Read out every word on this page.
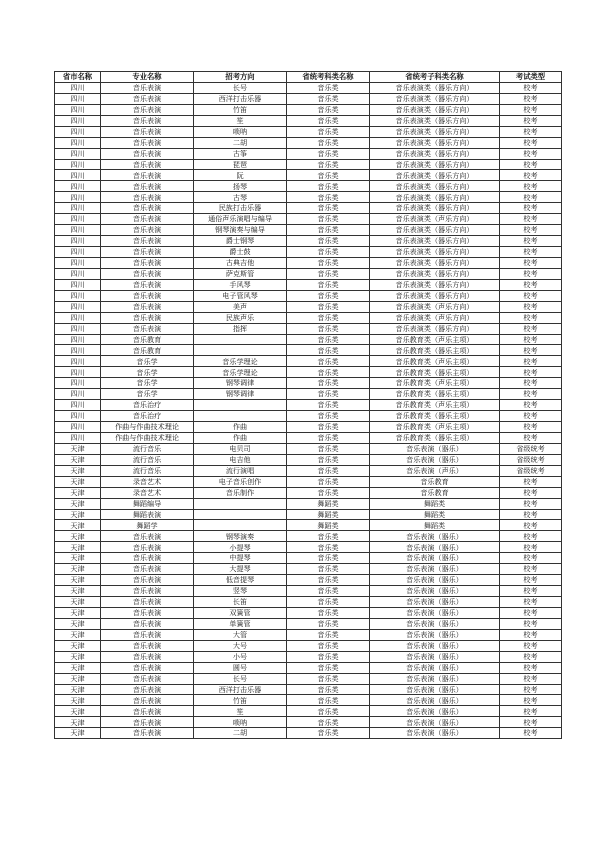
省市名称	专业名称	招考方向	省统考科类名称	省统考子科类名称	考试类型
四川	音乐表演	长号	音乐类	音乐表演类（器乐方向）	校考
四川	音乐表演	西洋打击乐器	音乐类	音乐表演类（器乐方向）	校考
四川	音乐表演	竹笛	音乐类	音乐表演类（器乐方向）	校考
四川	音乐表演	笙	音乐类	音乐表演类（器乐方向）	校考
四川	音乐表演	唢呐	音乐类	音乐表演类（器乐方向）	校考
四川	音乐表演	二胡	音乐类	音乐表演类（器乐方向）	校考
四川	音乐表演	古筝	音乐类	音乐表演类（器乐方向）	校考
四川	音乐表演	琵琶	音乐类	音乐表演类（器乐方向）	校考
四川	音乐表演	阮	音乐类	音乐表演类（器乐方向）	校考
四川	音乐表演	扬琴	音乐类	音乐表演类（器乐方向）	校考
四川	音乐表演	古琴	音乐类	音乐表演类（器乐方向）	校考
四川	音乐表演	民族打击乐器	音乐类	音乐表演类（器乐方向）	校考
四川	音乐表演	通俗声乐演唱与编导	音乐类	音乐表演类（声乐方向）	校考
四川	音乐表演	钢琴演奏与编导	音乐类	音乐表演类（器乐方向）	校考
四川	音乐表演	爵士钢琴	音乐类	音乐表演类（器乐方向）	校考
四川	音乐表演	爵士鼓	音乐类	音乐表演类（器乐方向）	校考
四川	音乐表演	古典吉他	音乐类	音乐表演类（器乐方向）	校考
四川	音乐表演	萨克斯管	音乐类	音乐表演类（器乐方向）	校考
四川	音乐表演	手风琴	音乐类	音乐表演类（器乐方向）	校考
四川	音乐表演	电子管风琴	音乐类	音乐表演类（器乐方向）	校考
四川	音乐表演	美声	音乐类	音乐表演类（声乐方向）	校考
四川	音乐表演	民族声乐	音乐类	音乐表演类（声乐方向）	校考
四川	音乐表演	指挥	音乐类	音乐表演类（器乐方向）	校考
四川	音乐教育		音乐类	音乐教育类（声乐主项）	校考
四川	音乐教育		音乐类	音乐教育类（器乐主项）	校考
四川	音乐学	音乐学理论	音乐类	音乐教育类（声乐主项）	校考
四川	音乐学	音乐学理论	音乐类	音乐教育类（器乐主项）	校考
四川	音乐学	钢琴调律	音乐类	音乐教育类（声乐主项）	校考
四川	音乐学	钢琴调律	音乐类	音乐教育类（器乐主项）	校考
四川	音乐治疗		音乐类	音乐教育类（声乐主项）	校考
四川	音乐治疗		音乐类	音乐教育类（器乐主项）	校考
四川	作曲与作曲技术理论	作曲	音乐类	音乐教育类（声乐主项）	校考
四川	作曲与作曲技术理论	作曲	音乐类	音乐教育类（器乐主项）	校考
天津	流行音乐	电贝司	音乐类	音乐表演（器乐）	省级统考
天津	流行音乐	电吉他	音乐类	音乐表演（器乐）	省级统考
天津	流行音乐	流行演唱	音乐类	音乐表演（声乐）	省级统考
天津	录音艺术	电子音乐创作	音乐类	音乐教育	校考
天津	录音艺术	音乐制作	音乐类	音乐教育	校考
天津	舞蹈编导		舞蹈类	舞蹈类	校考
天津	舞蹈表演		舞蹈类	舞蹈类	校考
天津	舞蹈学		舞蹈类	舞蹈类	校考
天津	音乐表演	钢琴演奏	音乐类	音乐表演（器乐）	校考
天津	音乐表演	小提琴	音乐类	音乐表演（器乐）	校考
天津	音乐表演	中提琴	音乐类	音乐表演（器乐）	校考
天津	音乐表演	大提琴	音乐类	音乐表演（器乐）	校考
天津	音乐表演	低音提琴	音乐类	音乐表演（器乐）	校考
天津	音乐表演	竖琴	音乐类	音乐表演（器乐）	校考
天津	音乐表演	长笛	音乐类	音乐表演（器乐）	校考
天津	音乐表演	双簧管	音乐类	音乐表演（器乐）	校考
天津	音乐表演	单簧管	音乐类	音乐表演（器乐）	校考
天津	音乐表演	大管	音乐类	音乐表演（器乐）	校考
天津	音乐表演	大号	音乐类	音乐表演（器乐）	校考
天津	音乐表演	小号	音乐类	音乐表演（器乐）	校考
天津	音乐表演	圆号	音乐类	音乐表演（器乐）	校考
天津	音乐表演	长号	音乐类	音乐表演（器乐）	校考
天津	音乐表演	西洋打击乐器	音乐类	音乐表演（器乐）	校考
天津	音乐表演	竹笛	音乐类	音乐表演（器乐）	校考
天津	音乐表演	笙	音乐类	音乐表演（器乐）	校考
天津	音乐表演	唢呐	音乐类	音乐表演（器乐）	校考
天津	音乐表演	二胡	音乐类	音乐表演（器乐）	校考
